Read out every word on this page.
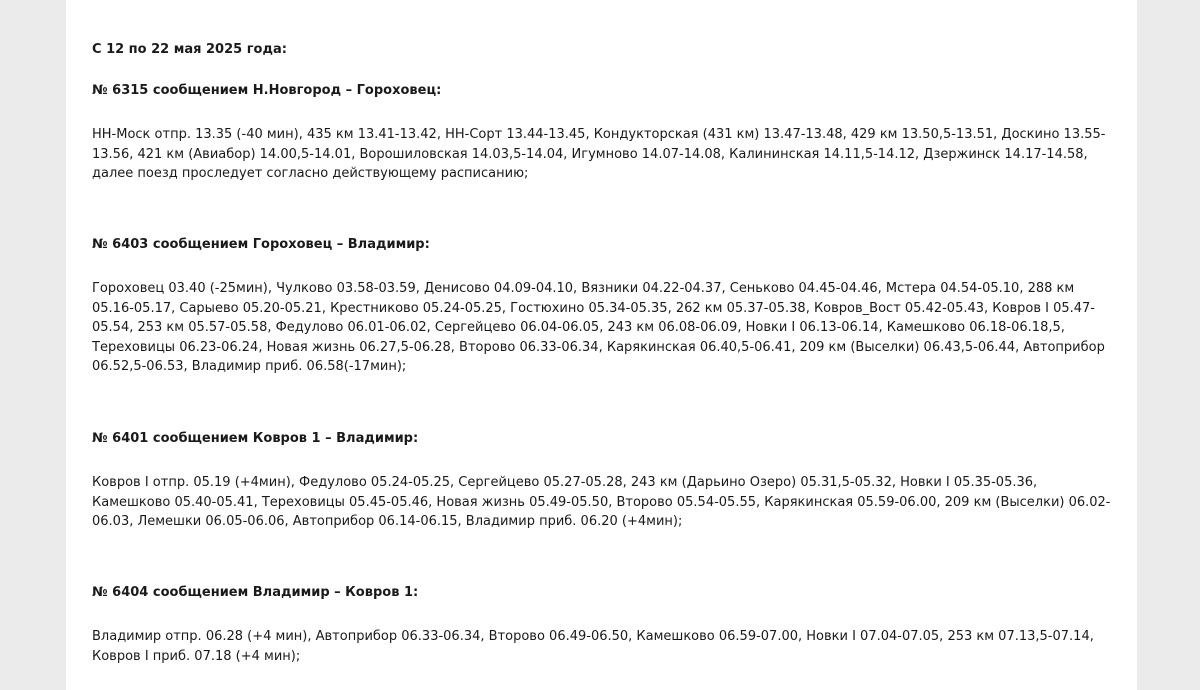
С 12 по 22 мая 2025 года:

№ 6315 сообщением Н.Новгород – Гороховец:

НН-Моск отпр. 13.35 (-40 мин), 435 км 13.41-13.42, НН-Сорт 13.44-13.45, Кондукторская (431 км) 13.47-13.48, 429 км 13.50,5-13.51, Доскино 13.55-13.56, 421 км (Авиабор) 14.00,5-14.01, Ворошиловская 14.03,5-14.04, Игумново 14.07-14.08, Калининская 14.11,5-14.12, Дзержинск 14.17-14.58, далее поезд проследует согласно действующему расписанию;

№ 6403 сообщением Гороховец – Владимир:

Гороховец 03.40 (-25мин), Чулково 03.58-03.59, Денисово 04.09-04.10, Вязники 04.22-04.37, Сеньково 04.45-04.46, Мстера 04.54-05.10, 288 км 05.16-05.17, Сарыево 05.20-05.21, Крестниково 05.24-05.25, Гостюхино 05.34-05.35, 262 км 05.37-05.38, Ковров_Вост 05.42-05.43, Ковров I 05.47-05.54, 253 км 05.57-05.58, Федулово 06.01-06.02, Сергейцево 06.04-06.05, 243 км 06.08-06.09, Новки I 06.13-06.14, Камешково 06.18-06.18,5, Тереховицы 06.23-06.24, Новая жизнь 06.27,5-06.28, Второво 06.33-06.34, Карякинская 06.40,5-06.41, 209 км (Выселки) 06.43,5-06.44, Автоприбор 06.52,5-06.53, Владимир приб. 06.58(-17мин);

№ 6401 сообщением Ковров 1 – Владимир:

Ковров I отпр. 05.19 (+4мин), Федулово 05.24-05.25, Сергейцево 05.27-05.28, 243 км (Дарьино Озеро) 05.31,5-05.32, Новки I 05.35-05.36, Камешково 05.40-05.41, Тереховицы 05.45-05.46, Новая жизнь 05.49-05.50, Второво 05.54-05.55, Карякинская 05.59-06.00, 209 км (Выселки) 06.02-06.03, Лемешки 06.05-06.06, Автоприбор 06.14-06.15, Владимир приб. 06.20 (+4мин);

№ 6404 сообщением Владимир – Ковров 1:

Владимир отпр. 06.28 (+4 мин), Автоприбор 06.33-06.34, Второво 06.49-06.50, Камешково 06.59-07.00, Новки I 07.04-07.05, 253 км 07.13,5-07.14, Ковров I приб. 07.18 (+4 мин);
